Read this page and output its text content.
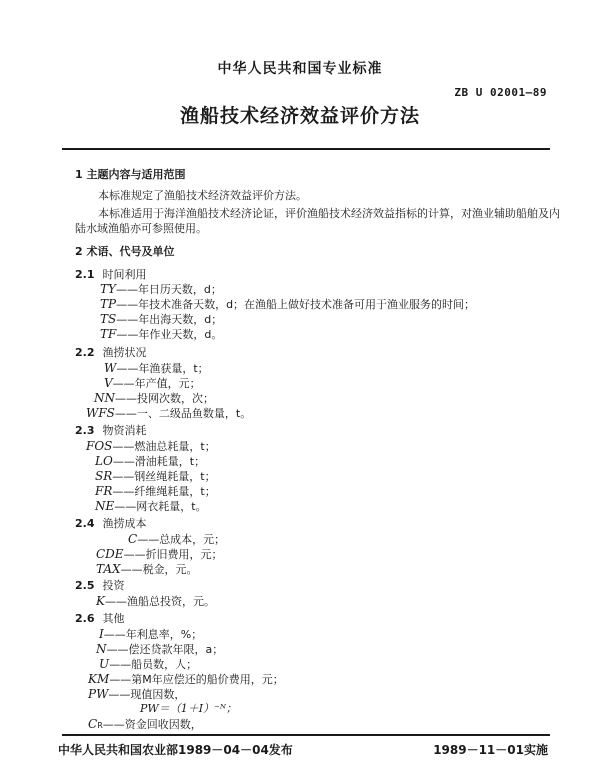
中华人民共和国专业标准
ZB U 02001—89
渔船技术经济效益评价方法
1 主题内容与适用范围
本标准规定了渔船技术经济效益评价方法。
本标准适用于海洋渔船技术经济论证，评价渔船技术经济效益指标的计算，对渔业辅助船舶及内
陆水域渔船亦可参照使用。
2 术语、代号及单位
2.1 时间利用
TY——年日历天数，d；
TP——年技术准备天数，d；在渔船上做好技术准备可用于渔业服务的时间；
TS——年出海天数，d；
TF——年作业天数，d。
2.2 渔捞状况
W——年渔获量，t；
V——年产值，元；
NN——投网次数，次；
WFS——一、二级品鱼数量，t。
2.3 物资消耗
FOS——燃油总耗量，t；
LO——滑油耗量，t；
SR——钢丝绳耗量，t；
FR——纤维绳耗量，t；
NE——网衣耗量，t。
2.4 渔捞成本
C——总成本，元；
CDE——折旧费用，元；
TAX——税金，元。
2.5 投资
K——渔船总投资，元。
2.6 其他
I——年利息率，%；
N——偿还贷款年限，a；
U——船员数，人；
KM——第M年应偿还的船价费用，元；
PW——现值因数，
PW＝（1＋I）⁻ᴺ；
CR——资金回收因数，
中华人民共和国农业部1989－04－04发布	1989－11－01实施
